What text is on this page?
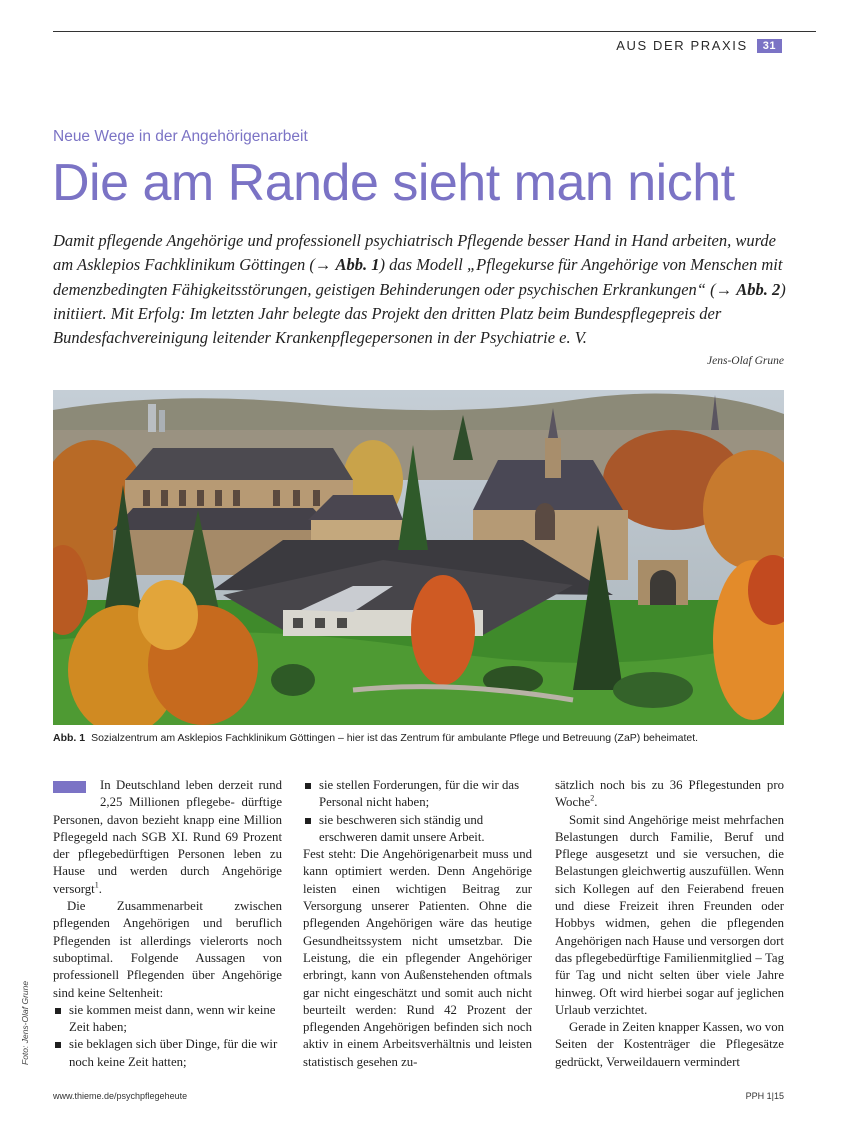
AUS DER PRAXIS	31
Neue Wege in der Angehörigenarbeit
Die am Rande sieht man nicht

Damit pflegende Angehörige und professionell psychiatrisch Pflegende besser Hand in Hand arbeiten, wurde am Asklepios Fachklinikum Göttingen (→ Abb. 1) das Modell „Pflegekurse für Angehörige von Menschen mit demenzbedingten Fähigkeitsstörungen, geistigen Behinderungen oder psychischen Erkrankungen“ (→ Abb. 2) initiiert. Mit Erfolg: Im letzten Jahr belegte das Projekt den dritten Platz beim Bundespflegepreis der Bundesfachvereinigung leitender Krankenpflegepersonen in der Psychiatrie e. V.

Jens-Olaf Grune
Abb. 1 Sozialzentrum am Asklepios Fachklinikum Göttingen – hier ist das Zentrum für ambulante Pflege und Betreuung (ZaP) beheimatet.
Foto: Jens-Olaf Grune

In Deutschland leben derzeit rund 2,25 Millionen pflegebe- dürftige Personen, davon bezieht knapp eine Million Pflegegeld nach SGB XI. Rund 69 Prozent der pflegebedürftigen Personen leben zu Hause und werden durch Angehörige versorgt$^1$.

Die Zusammenarbeit zwischen pflegenden Angehörigen und beruflich Pflegenden ist allerdings vielerorts noch suboptimal. Folgende Aussagen von professionell Pflegenden über Angehörige sind keine Seltenheit:

sie kommen meist dann, wenn wir keine Zeit haben;
sie beklagen sich über Dinge, für die wir noch keine Zeit hatten;
sie stellen Forderungen, für die wir das Personal nicht haben;
sie beschweren sich ständig und erschweren damit unsere Arbeit.

Fest steht: Die Angehörigenarbeit muss und kann optimiert werden. Denn Angehörige leisten einen wichtigen Beitrag zur Versorgung unserer Patienten. Ohne die pflegenden Angehörigen wäre das heutige Gesundheitssystem nicht umsetzbar. Die Leistung, die ein pflegender Angehöriger erbringt, kann von Außenstehenden oftmals gar nicht eingeschätzt und somit auch nicht beurteilt werden: Rund 42 Prozent der pflegenden Angehörigen befinden sich noch aktiv in einem Arbeitsverhältnis und leisten statistisch gesehen zu-

sätzlich noch bis zu 36 Pflegestunden pro Woche$^2$.

Somit sind Angehörige meist mehrfachen Belastungen durch Familie, Beruf und Pflege ausgesetzt und sie versuchen, die Belastungen gleichwertig auszufüllen. Wenn sich Kollegen auf den Feierabend freuen und diese Freizeit ihren Freunden oder Hobbys widmen, gehen die pflegenden Angehörigen nach Hause und versorgen dort das pflegebedürftige Familienmitglied – Tag für Tag und nicht selten über viele Jahre hinweg. Oft wird hierbei sogar auf jeglichen Urlaub verzichtet.

Gerade in Zeiten knapper Kassen, wo von Seiten der Kostenträger die Pflegesätze gedrückt, Verweildauern vermindert

www.thieme.de/psychpflegeheute	PPH 1|15
